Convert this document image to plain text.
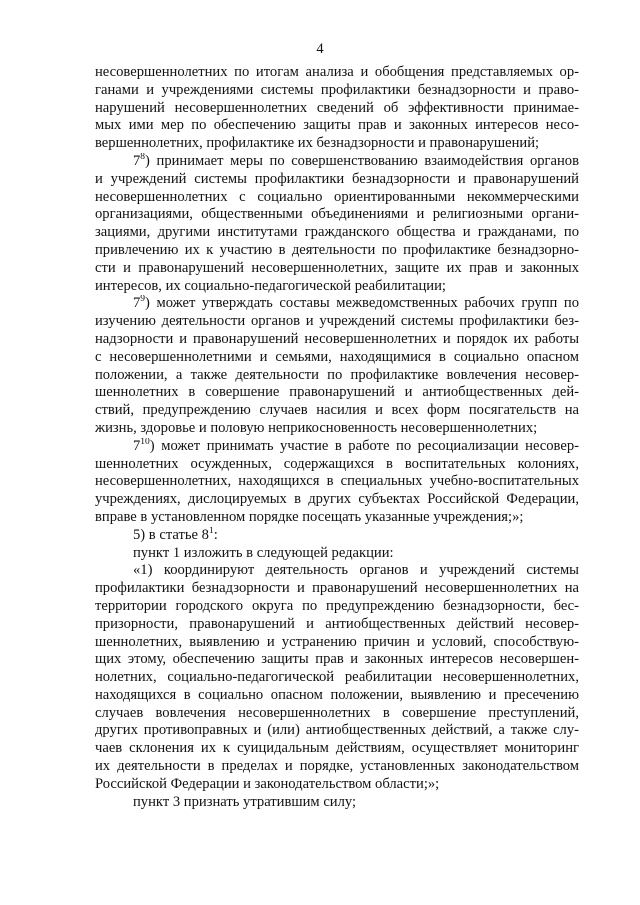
4
несовершеннолетних по итогам анализа и обобщения представляемых ор-
ганами и учреждениями системы профилактики безнадзорности и право-
нарушений несовершеннолетних сведений об эффективности принимае-
мых ими мер по обеспечению защиты прав и законных интересов несо-
вершеннолетних, профилактике их безнадзорности и правонарушений;
$7^8$) принимает меры по совершенствованию взаимодействия органов
и учреждений системы профилактики безнадзорности и правонарушений
несовершеннолетних с социально ориентированными некоммерческими
организациями, общественными объединениями и религиозными органи-
зациями, другими институтами гражданского общества и гражданами, по
привлечению их к участию в деятельности по профилактике безнадзорно-
сти и правонарушений несовершеннолетних, защите их прав и законных
интересов, их социально-педагогической реабилитации;
$7^9$) может утверждать составы межведомственных рабочих групп по
изучению деятельности органов и учреждений системы профилактики без-
надзорности и правонарушений несовершеннолетних и порядок их работы
с несовершеннолетними и семьями, находящимися в социально опасном
положении, а также деятельности по профилактике вовлечения несовер-
шеннолетних в совершение правонарушений и антиобщественных дей-
ствий, предупреждению случаев насилия и всех форм посягательств на
жизнь, здоровье и половую неприкосновенность несовершеннолетних;
$7^{10}$) может принимать участие в работе по ресоциализации несовер-
шеннолетних осужденных, содержащихся в воспитательных колониях,
несовершеннолетних, находящихся в специальных учебно-воспитательных
учреждениях, дислоцируемых в других субъектах Российской Федерации,
вправе в установленном порядке посещать указанные учреждения;»;
5) в статье $8^1$:
пункт 1 изложить в следующей редакции:
«1) координируют деятельность органов и учреждений системы
профилактики безнадзорности и правонарушений несовершеннолетних на
территории городского округа по предупреждению безнадзорности, бес-
призорности, правонарушений и антиобщественных действий несовер-
шеннолетних, выявлению и устранению причин и условий, способствую-
щих этому, обеспечению защиты прав и законных интересов несовершен-
нолетних, социально-педагогической реабилитации несовершеннолетних,
находящихся в социально опасном положении, выявлению и пресечению
случаев вовлечения несовершеннолетних в совершение преступлений,
других противоправных и (или) антиобщественных действий, а также слу-
чаев склонения их к суицидальным действиям, осуществляет мониторинг
их деятельности в пределах и порядке, установленных законодательством
Российской Федерации и законодательством области;»;
пункт 3 признать утратившим силу;
